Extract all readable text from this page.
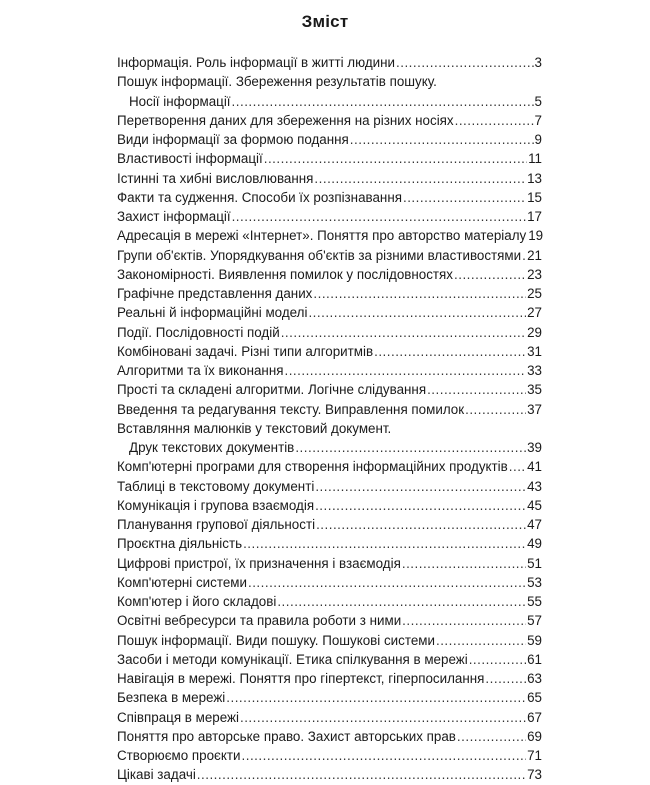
Зміст
Інформація. Роль інформації в житті людини .....	3
Пошук інформації. Збереження результатів пошуку.
Носії інформації .....	5
Перетворення даних для збереження на різних носіях .....	7
Види інформації за формою подання .....	9
Властивості інформації .....	11
Істинні та хибні висловлювання .....	13
Факти та судження. Способи їх розпізнавання .....	15
Захист інформації .....	17
Адресація в мережі «Інтернет». Поняття про авторство матеріалу 19
Групи об'єктів. Упорядкування об'єктів за різними властивостями ..... 21
Закономірності. Виявлення помилок у послідовностях .....	23
Графічне представлення даних .....	25
Реальні й інформаційні моделі .....	27
Події. Послідовності подій .....	29
Комбіновані задачі. Різні типи алгоритмів .....	31
Алгоритми та їх виконання .....	33
Прості та складені алгоритми. Логічне слідування .....	35
Введення та редагування тексту. Виправлення помилок .....	37
Вставляння малюнків у текстовий документ.
Друк текстових документів .....	39
Комп'ютерні програми для створення інформаційних продуктів ..... 41
Таблиці в текстовому документі .....	43
Комунікація і групова взаємодія .....	45
Планування групової діяльності .....	47
Проєктна діяльність .....	49
Цифрові пристрої, їх призначення і взаємодія .....	51
Комп'ютерні системи .....	53
Комп'ютер і його складові .....	55
Освітні вебресурси та правила роботи з ними .....	57
Пошук інформації. Види пошуку. Пошукові системи .....	59
Засоби і методи комунікації. Етика спілкування в мережі .....	61
Навігація в мережі. Поняття про гіпертекст, гіперпосилання .....	63
Безпека в мережі .....	65
Співпраця в мережі .....	67
Поняття про авторське право. Захист авторських прав .....	69
Створюємо проєкти .....	71
Цікаві задачі .....	73
